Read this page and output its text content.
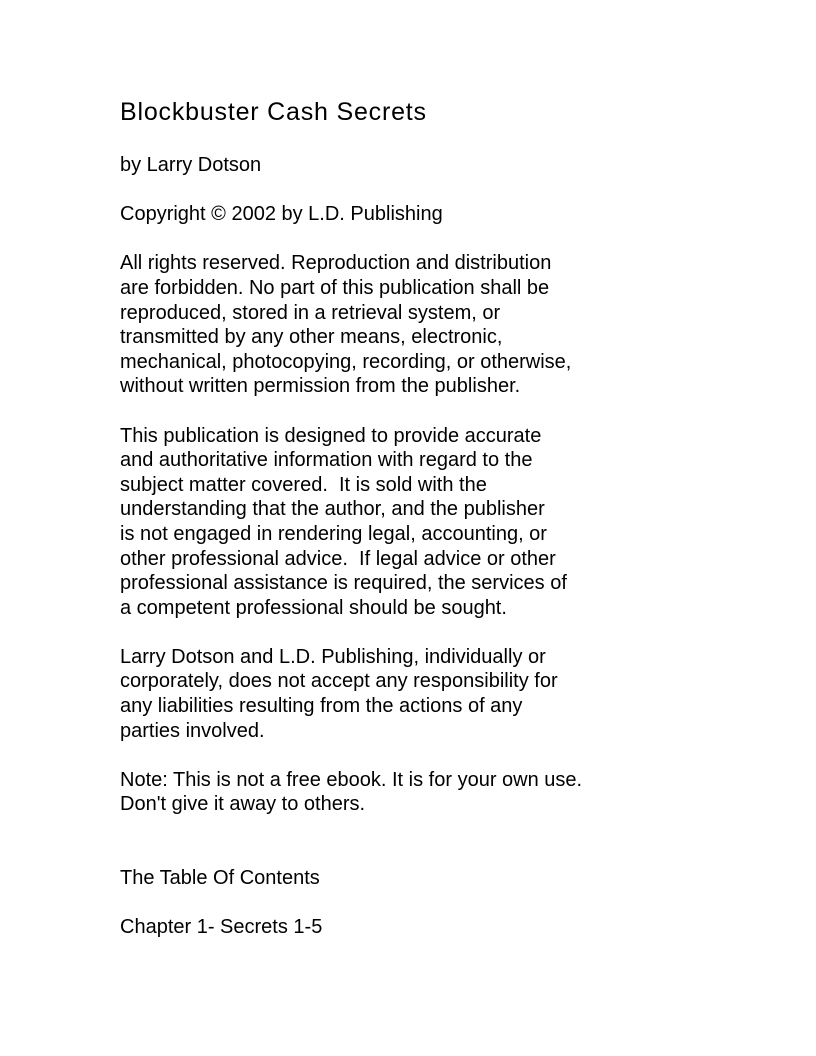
Blockbuster Cash Secrets

by Larry Dotson

Copyright © 2002 by L.D. Publishing

All rights reserved. Reproduction and distribution

are forbidden. No part of this publication shall be

reproduced, stored in a retrieval system, or

transmitted by any other means, electronic,

mechanical, photocopying, recording, or otherwise,

without written permission from the publisher.

This publication is designed to provide accurate

and authoritative information with regard to the

subject matter covered.  It is sold with the

understanding that the author, and the publisher

is not engaged in rendering legal, accounting, or

other professional advice.  If legal advice or other

professional assistance is required, the services of

a competent professional should be sought.

Larry Dotson and L.D. Publishing, individually or

corporately, does not accept any responsibility for

any liabilities resulting from the actions of any

parties involved.

Note: This is not a free ebook. It is for your own use.

Don't give it away to others.

The Table Of Contents

Chapter 1- Secrets 1-5
